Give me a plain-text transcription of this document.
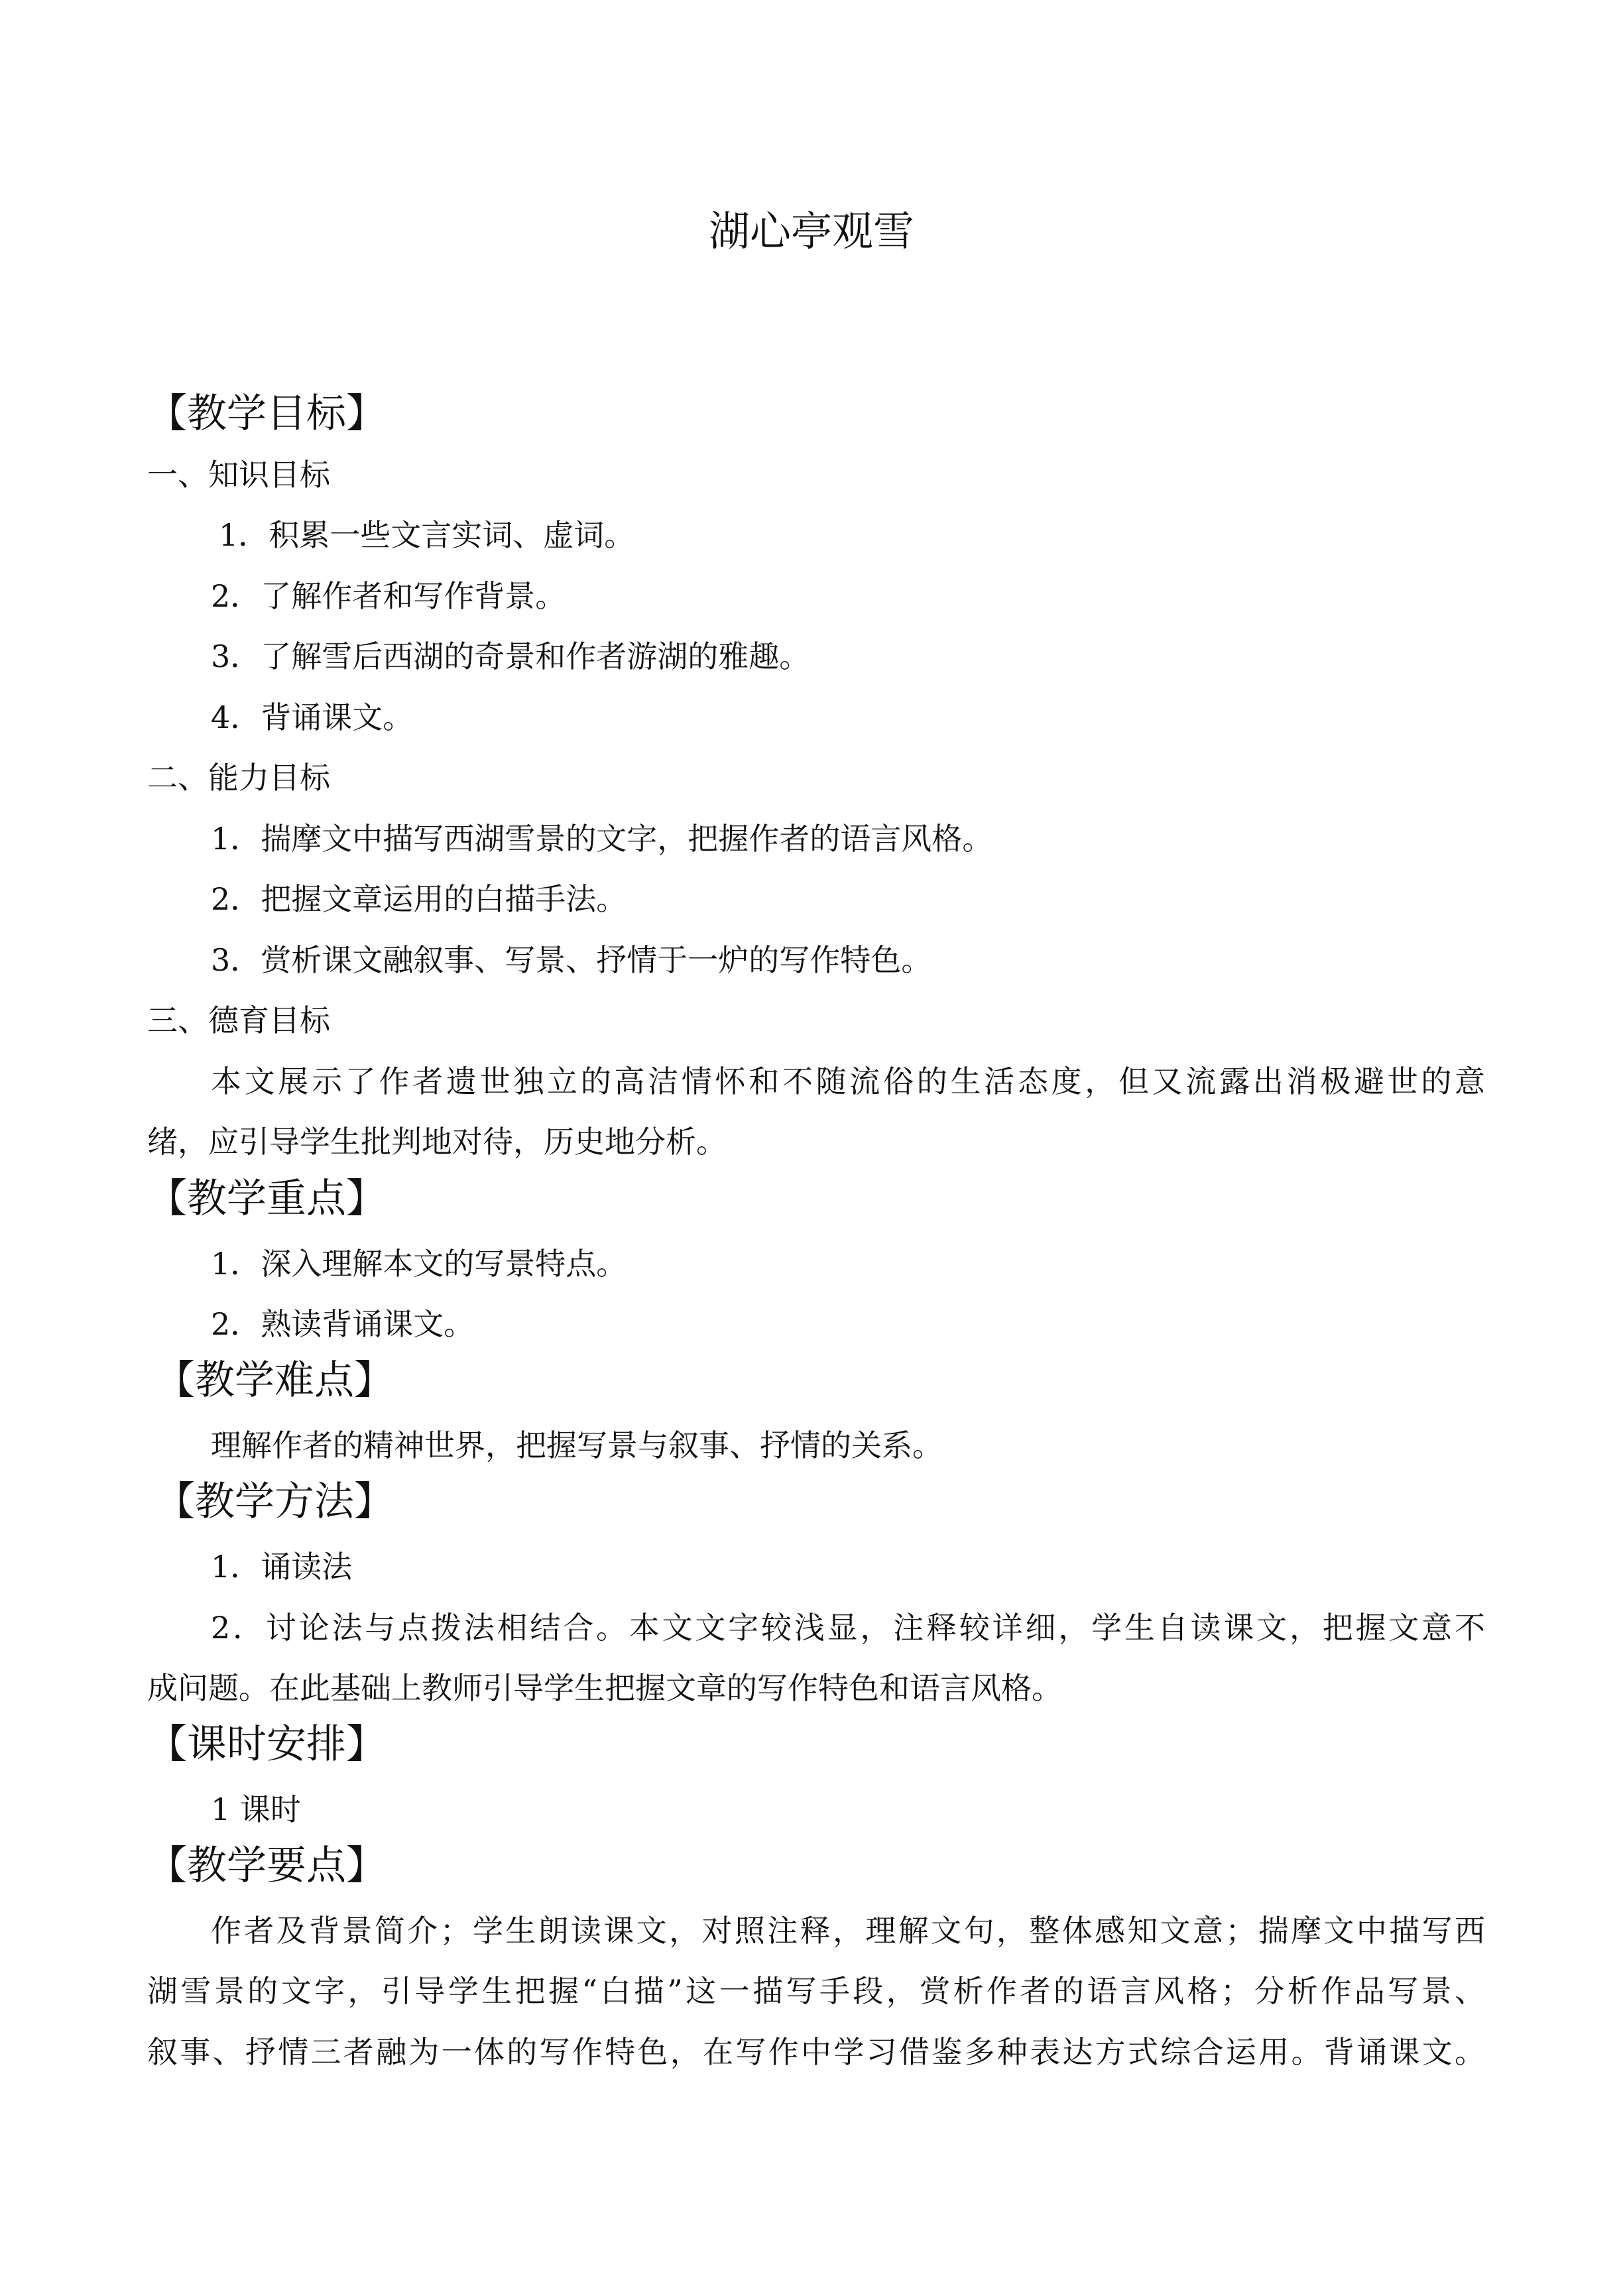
湖心亭观雪
【教学目标】
一、知识目标
1．积累一些文言实词、虚词。
2．了解作者和写作背景。
3．了解雪后西湖的奇景和作者游湖的雅趣。
4．背诵课文。
二、能力目标
1．揣摩文中描写西湖雪景的文字，把握作者的语言风格。
2．把握文章运用的白描手法。
3．赏析课文融叙事、写景、抒情于一炉的写作特色。
三、德育目标
本文展示了作者遗世独立的高洁情怀和不随流俗的生活态度，但又流露出消极避世的意
绪，应引导学生批判地对待，历史地分析。
【教学重点】
1．深入理解本文的写景特点。
2．熟读背诵课文。
【教学难点】
理解作者的精神世界，把握写景与叙事、抒情的关系。
【教学方法】
1．诵读法
2．讨论法与点拨法相结合。本文文字较浅显，注释较详细，学生自读课文，把握文意不
成问题。在此基础上教师引导学生把握文章的写作特色和语言风格。
【课时安排】
1 课时
【教学要点】
作者及背景简介；学生朗读课文，对照注释，理解文句，整体感知文意；揣摩文中描写西
湖雪景的文字，引导学生把握“白描”这一描写手段，赏析作者的语言风格；分析作品写景、
叙事、抒情三者融为一体的写作特色，在写作中学习借鉴多种表达方式综合运用。背诵课文。
